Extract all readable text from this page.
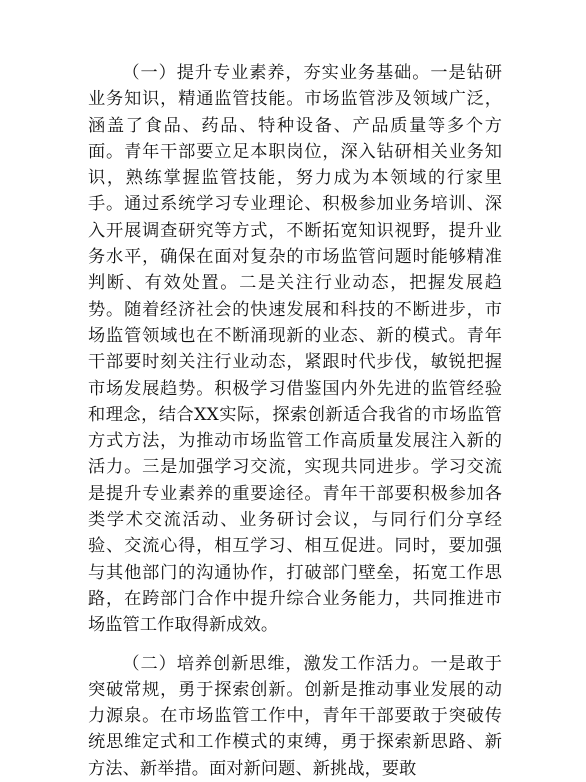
（一）提升专业素养，夯实业务基础。一是钻研业务知识，精通监管技能。市场监管涉及领域广泛，涵盖了食品、药品、特种设备、产品质量等多个方面。青年干部要立足本职岗位，深入钻研相关业务知识，熟练掌握监管技能，努力成为本领域的行家里手。通过系统学习专业理论、积极参加业务培训、深入开展调查研究等方式，不断拓宽知识视野，提升业务水平，确保在面对复杂的市场监管问题时能够精准判断、有效处置。二是关注行业动态，把握发展趋势。随着经济社会的快速发展和科技的不断进步，市场监管领域也在不断涌现新的业态、新的模式。青年干部要时刻关注行业动态，紧跟时代步伐，敏锐把握市场发展趋势。积极学习借鉴国内外先进的监管经验和理念，结合XX实际，探索创新适合我省的市场监管方式方法，为推动市场监管工作高质量发展注入新的活力。三是加强学习交流，实现共同进步。学习交流是提升专业素养的重要途径。青年干部要积极参加各类学术交流活动、业务研讨会议，与同行们分享经验、交流心得，相互学习、相互促进。同时，要加强与其他部门的沟通协作，打破部门壁垒，拓宽工作思路，在跨部门合作中提升综合业务能力，共同推进市场监管工作取得新成效。

（二）培养创新思维，激发工作活力。一是敢于突破常规，勇于探索创新。创新是推动事业发展的动力源泉。在市场监管工作中，青年干部要敢于突破传统思维定式和工作模式的束缚，勇于探索新思路、新方法、新举措。面对新问题、新挑战，要敢
